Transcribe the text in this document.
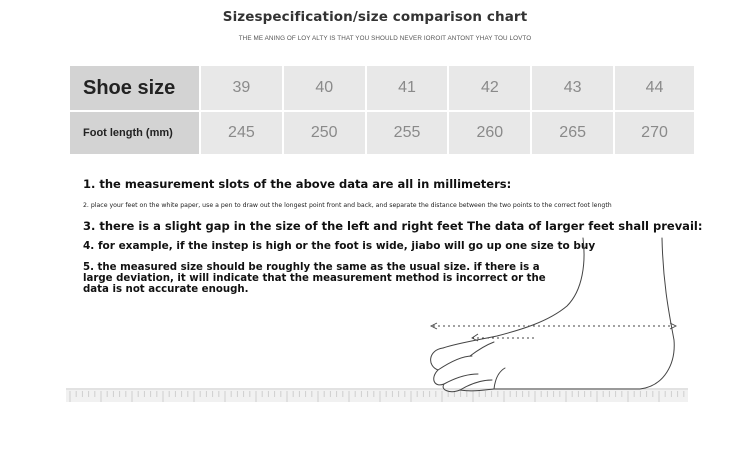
Sizespecification/size comparison chart
THE ME ANING OF LOY ALTY IS THAT YOU SHOULD NEVER IOROIT ANTONT YHAY TOU LOVTO
Shoe size	39	40	41	42	43	44
Foot length (mm)	245	250	255	260	265	270
1. the measurement slots of the above data are all in millimeters:
2. place your feet on the white paper, use a pen to draw out the longest point front and back, and separate the distance between the two points to the correct foot length
3. there is a slight gap in the size of the left and right feet The data of larger feet shall prevail:
4. for example, if the instep is high or the foot is wide, jiabo will go up one size to buy
5. the measured size should be roughly the same as the usual size. if there is a large deviation, it will indicate that the measurement method is incorrect or the data is not accurate enough.
